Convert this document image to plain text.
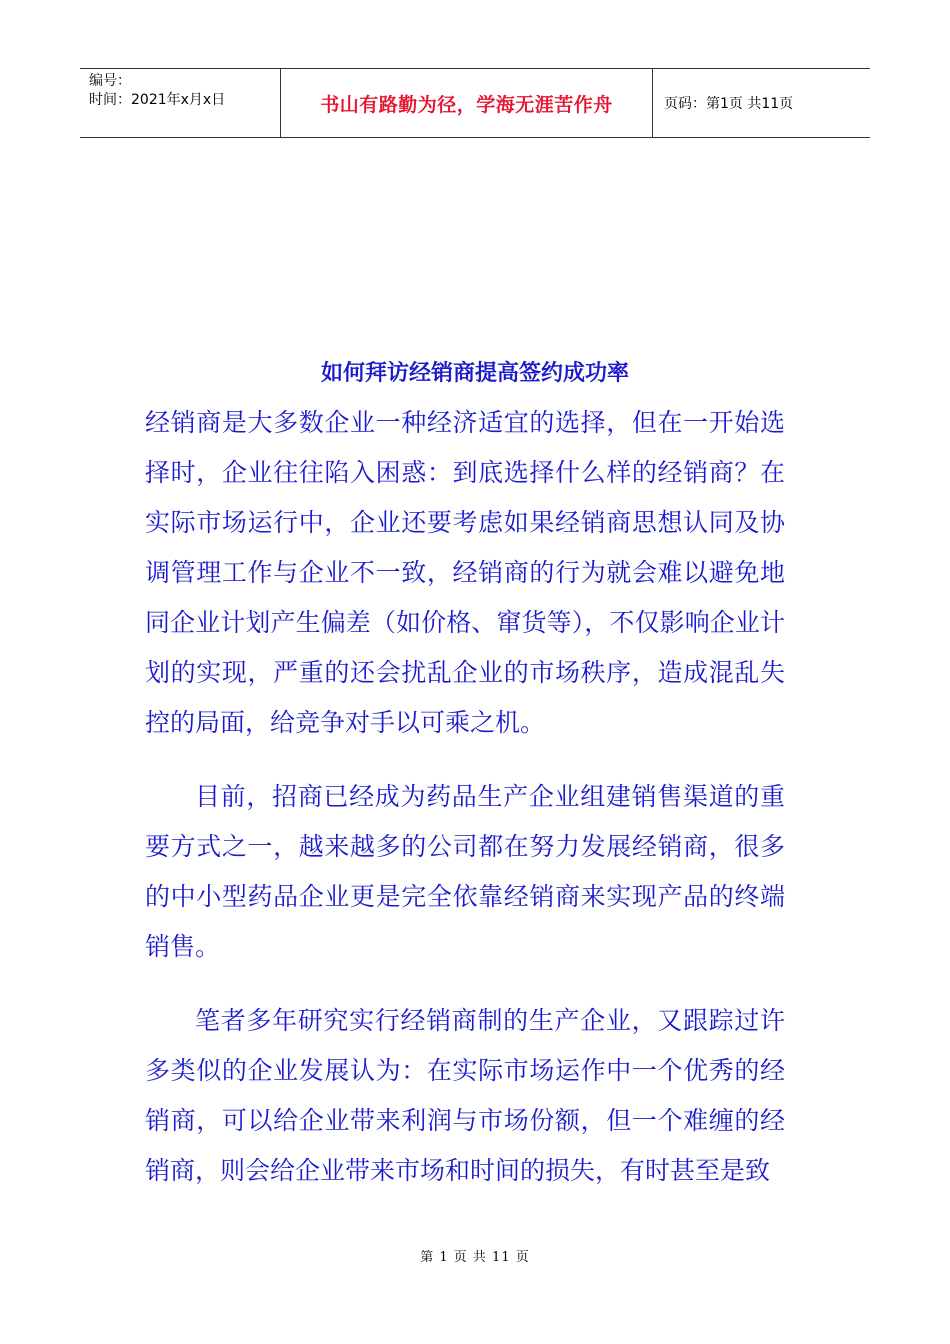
编号：
时间：2021年x月x日	书山有路勤为径，学海无涯苦作舟	页码：第1页 共11页
如何拜访经销商提高签约成功率

经销商是大多数企业一种经济适宜的选择，但在一开始选择时，企业往往陷入困惑：到底选择什么样的经销商？在实际市场运行中，企业还要考虑如果经销商思想认同及协调管理工作与企业不一致，经销商的行为就会难以避免地同企业计划产生偏差（如价格、窜货等），不仅影响企业计划的实现，严重的还会扰乱企业的市场秩序，造成混乱失控的局面，给竞争对手以可乘之机。

目前，招商已经成为药品生产企业组建销售渠道的重要方式之一，越来越多的公司都在努力发展经销商，很多的中小型药品企业更是完全依靠经销商来实现产品的终端销售。

笔者多年研究实行经销商制的生产企业，又跟踪过许多类似的企业发展认为：在实际市场运作中一个优秀的经销商，可以给企业带来利润与市场份额，但一个难缠的经销商，则会给企业带来市场和时间的损失，有时甚至是致

第 1 页 共 11 页
